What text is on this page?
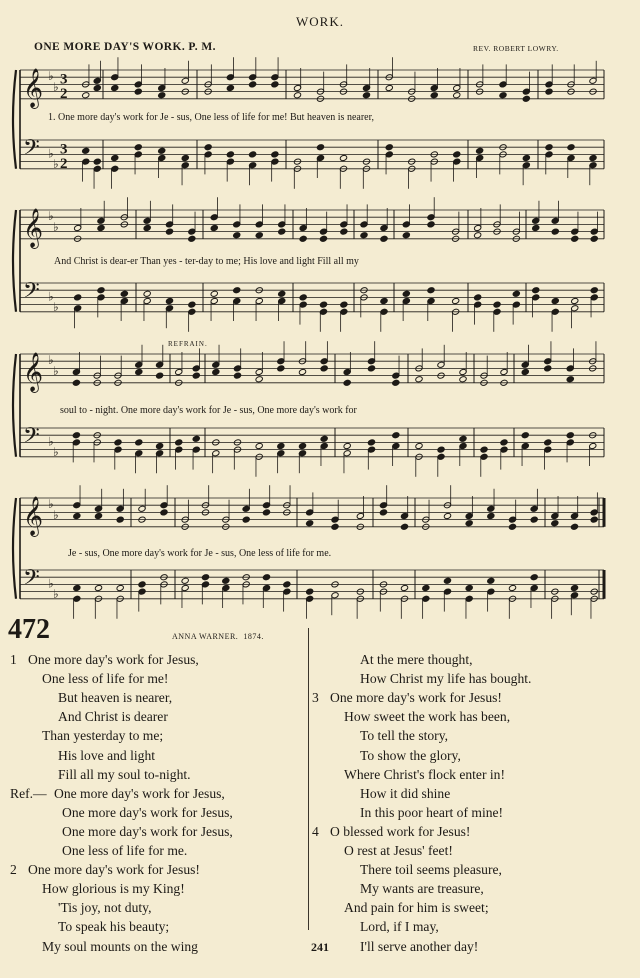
WORK.
ONE MORE DAY'S WORK. P. M.	REV. ROBERT LOWRY.
𝄞 ♭
♭ 3
2
𝄢 ♭
♭
3
2
𝄞 ♭
♭
𝄢 ♭
♭
𝄞 ♭
♭
𝄢 ♭
♭
𝄞 ♭
♭
𝄢 ♭
♭
1. One more day's work for Je - sus, One less of life for me! But heaven is nearer,
And Christ is dear-er Than yes - ter-day to me; His love and light Fill all my
REFRAIN.
soul to - night. One more day's work for Je - sus, One more day's work for
Je - sus, One more day's work for Je - sus, One less of life for me.
472	ANNA WARNER. 1874.
1 One more day's work for Jesus,
One less of life for me!
But heaven is nearer,
And Christ is dearer
Than yesterday to me;
His love and light
Fill all my soul to-night.
Ref.— One more day's work for Jesus,
One more day's work for Jesus,
One more day's work for Jesus,
One less of life for me.
2 One more day's work for Jesus!
How glorious is my King!
'Tis joy, not duty,
To speak his beauty;
My soul mounts on the wing
At the mere thought,
How Christ my life has bought.
3 One more day's work for Jesus!
How sweet the work has been,
To tell the story,
To show the glory,
Where Christ's flock enter in!
How it did shine
In this poor heart of mine!
4 O blessed work for Jesus!
O rest at Jesus' feet!
There toil seems pleasure,
My wants are treasure,
And pain for him is sweet;
Lord, if I may,
I'll serve another day!
241
